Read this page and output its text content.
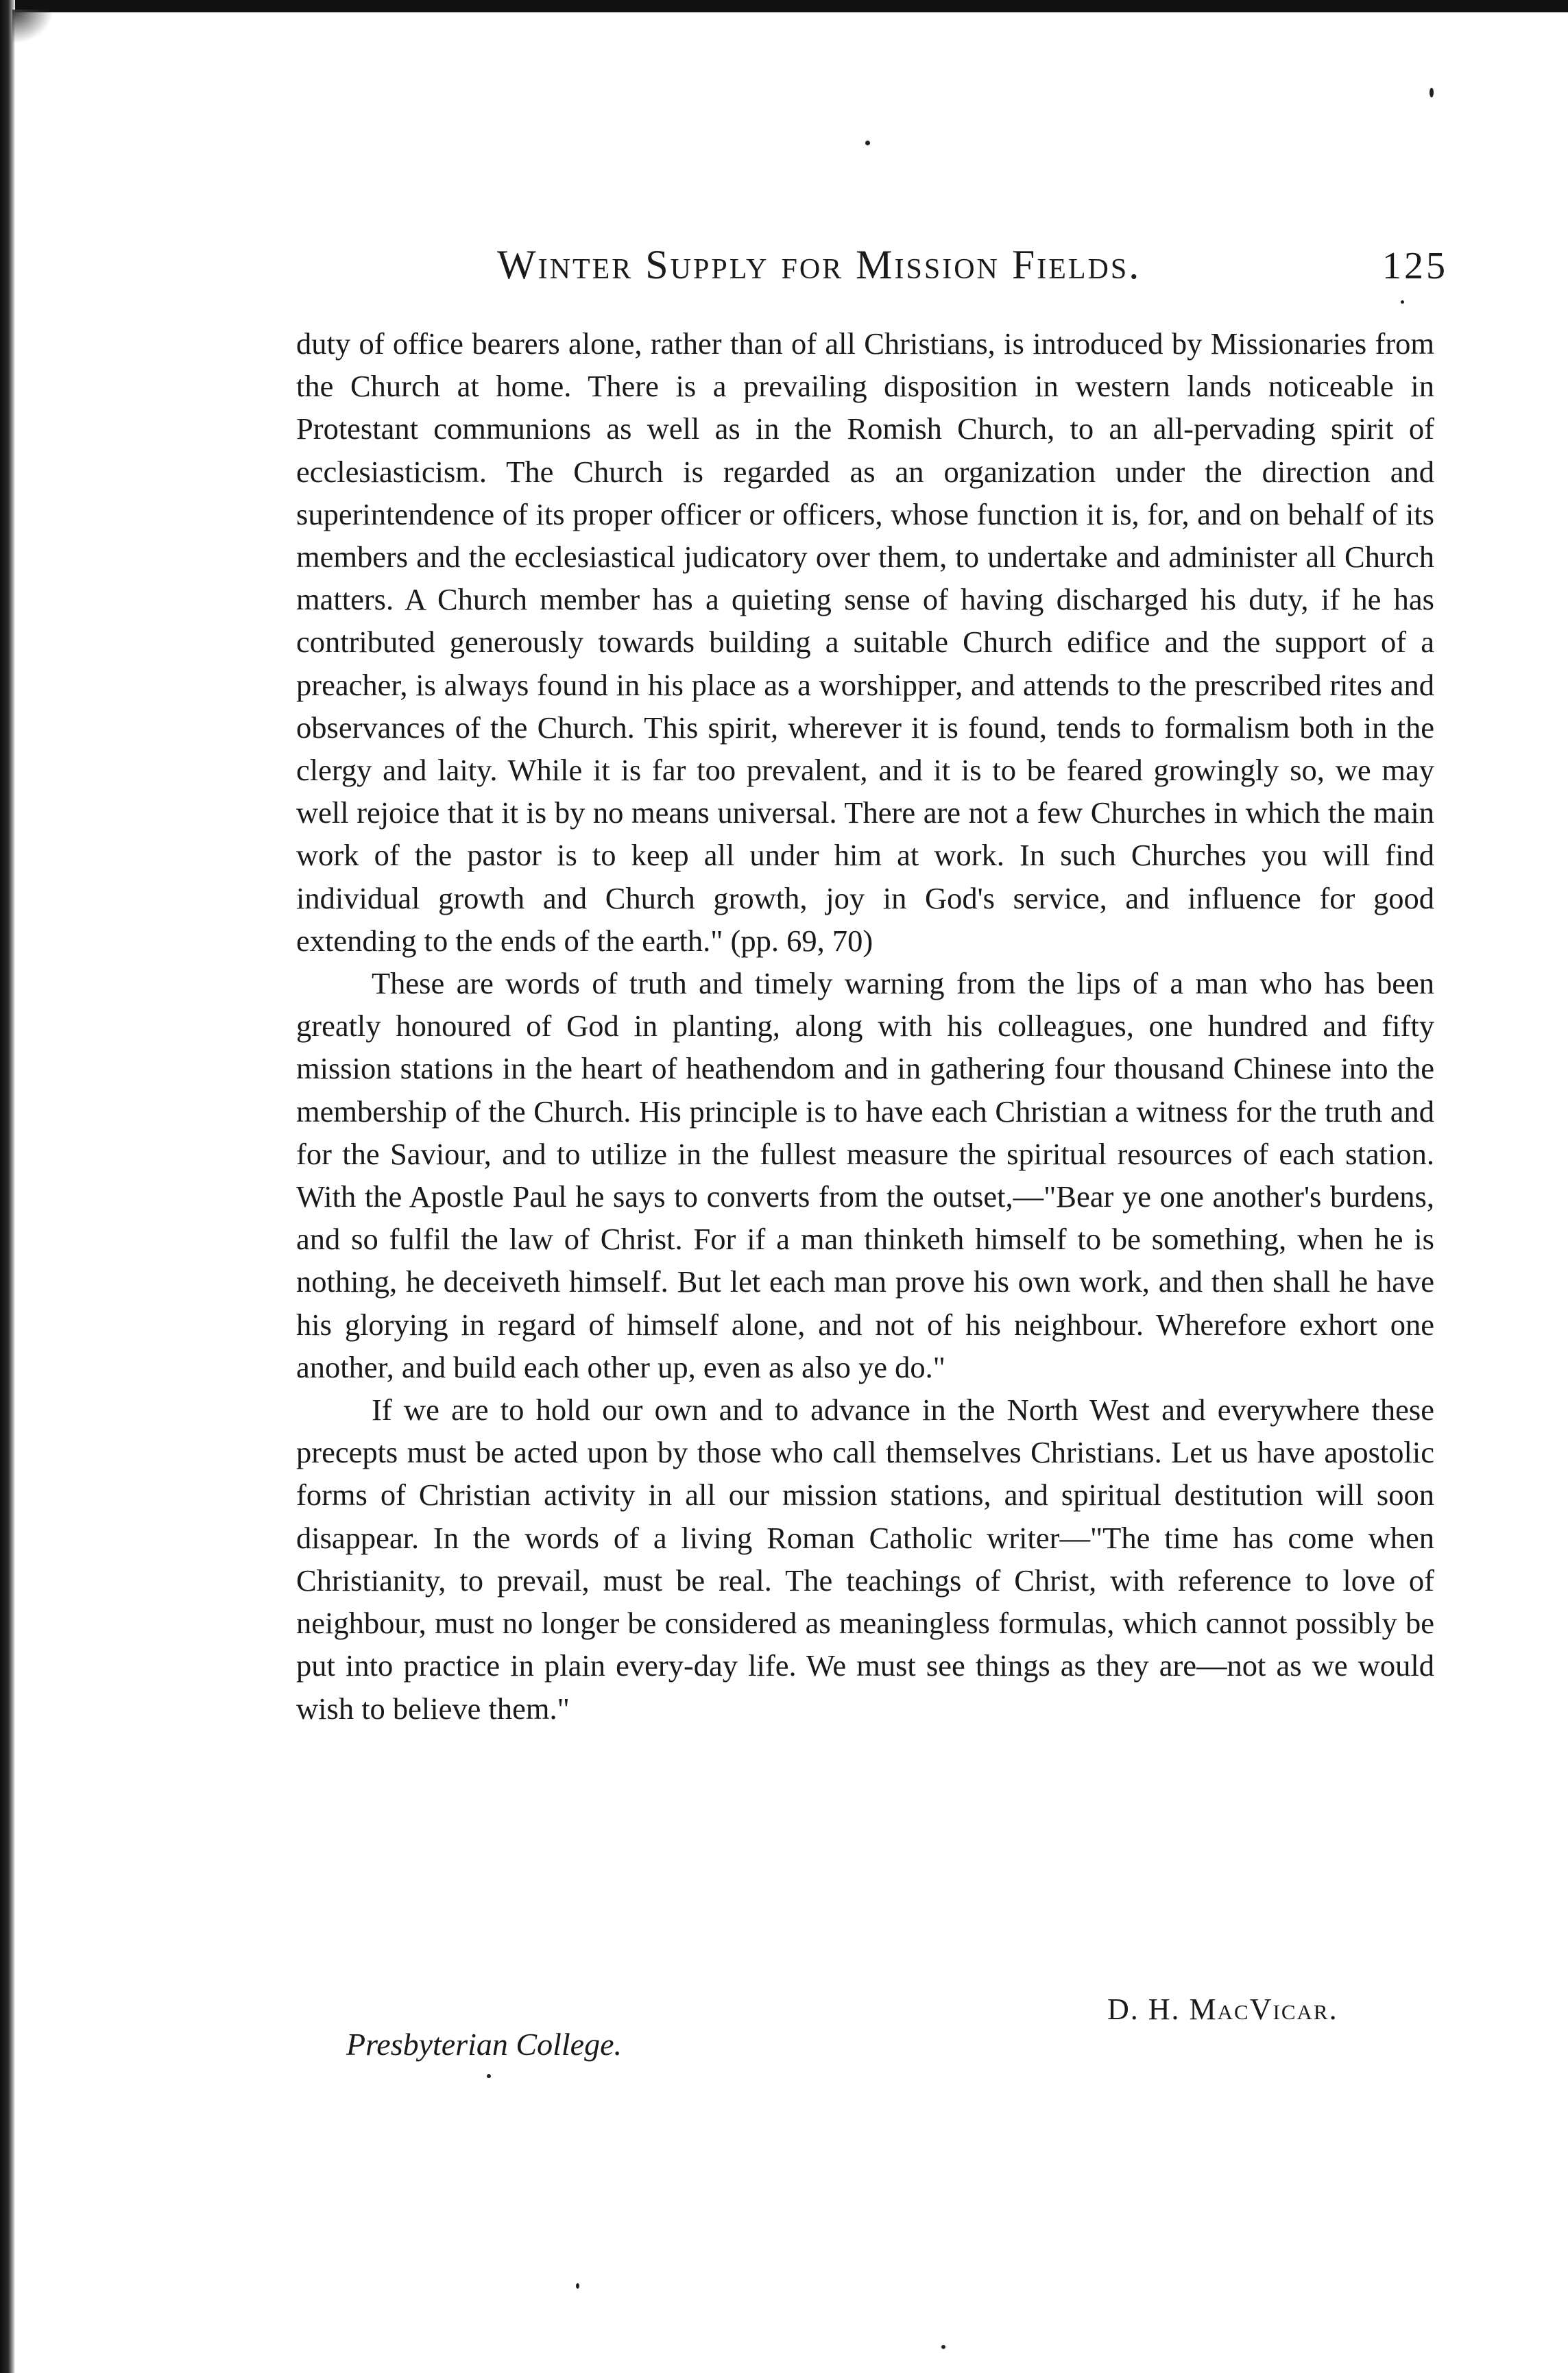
Winter Supply for Mission Fields.	125

duty of office bearers alone, rather than of all Christians, is introduced by Missionaries from the Church at home. There is a prevailing disposition in western lands noticeable in Protestant communions as well as in the Romish Church, to an all-pervading spirit of ecclesiasticism. The Church is regarded as an organization under the direction and superintendence of its proper officer or officers, whose function it is, for, and on behalf of its members and the ecclesiastical judicatory over them, to undertake and administer all Church matters. A Church member has a quieting sense of having discharged his duty, if he has contributed generously towards building a suitable Church edifice and the support of a preacher, is always found in his place as a worshipper, and attends to the prescribed rites and observances of the Church. This spirit, wherever it is found, tends to formalism both in the clergy and laity. While it is far too prevalent, and it is to be feared growingly so, we may well rejoice that it is by no means universal. There are not a few Churches in which the main work of the pastor is to keep all under him at work. In such Churches you will find individual growth and Church growth, joy in God's service, and influence for good extending to the ends of the earth." (pp. 69, 70)

These are words of truth and timely warning from the lips of a man who has been greatly honoured of God in planting, along with his colleagues, one hundred and fifty mission stations in the heart of heathendom and in gathering four thousand Chinese into the membership of the Church. His principle is to have each Christian a witness for the truth and for the Saviour, and to utilize in the fullest measure the spiritual resources of each station. With the Apostle Paul he says to converts from the outset,—"Bear ye one another's burdens, and so fulfil the law of Christ. For if a man thinketh himself to be something, when he is nothing, he deceiveth himself. But let each man prove his own work, and then shall he have his glorying in regard of himself alone, and not of his neighbour. Wherefore exhort one another, and build each other up, even as also ye do."

If we are to hold our own and to advance in the North West and everywhere these precepts must be acted upon by those who call themselves Christians. Let us have apostolic forms of Christian activity in all our mission stations, and spiritual destitution will soon disappear. In the words of a living Roman Catholic writer—"The time has come when Christianity, to prevail, must be real. The teachings of Christ, with reference to love of neighbour, must no longer be considered as meaningless formulas, which cannot possibly be put into practice in plain every-day life. We must see things as they are—not as we would wish to believe them."

D. H. MacVicar.
Presbyterian College.
